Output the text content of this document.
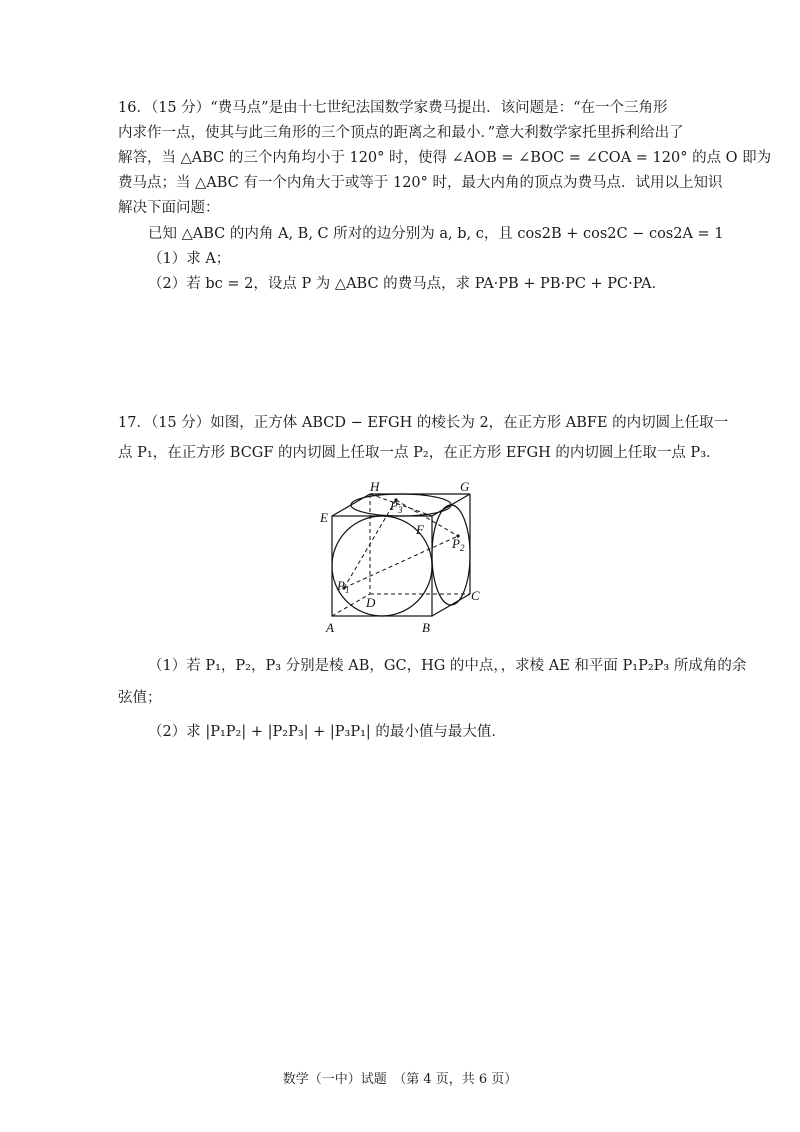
16．（15 分）“费马点”是由十七世纪法国数学家费马提出．该问题是：“在一个三角形
内求作一点，使其与此三角形的三个顶点的距离之和最小．”意大利数学家托里拆利给出了
解答，当 △ABC 的三个内角均小于 120° 时，使得 ∠AOB = ∠BOC = ∠COA = 120° 的点 O 即为
费马点；当 △ABC 有一个内角大于或等于 120° 时，最大内角的顶点为费马点．试用以上知识
解决下面问题：
已知 △ABC 的内角 A, B, C 所对的边分别为 a, b, c，且 cos2B + cos2C − cos2A = 1
（1）求 A；
（2）若 bc = 2，设点 P 为 △ABC 的费马点，求 PA·PB + PB·PC + PC·PA．
17．（15 分）如图，正方体 ABCD − EFGH 的棱长为 2，在正方形 ABFE 的内切圆上任取一
点 P₁，在正方形 BCGF 的内切圆上任取一点 P₂，在正方形 EFGH 的内切圆上任取一点 P₃．
H	G
E
F
$P_3$
$P_2$
$P_1$
D	C
A	B
（1）若 P₁，P₂，P₃ 分别是棱 AB，GC，HG 的中点，，求棱 AE 和平面 P₁P₂P₃ 所成角的余
弦值；
（2）求 |P₁P₂| + |P₂P₃| + |P₃P₁| 的最小值与最大值．
数学（一中）试题　（第 4 页，共 6 页）
